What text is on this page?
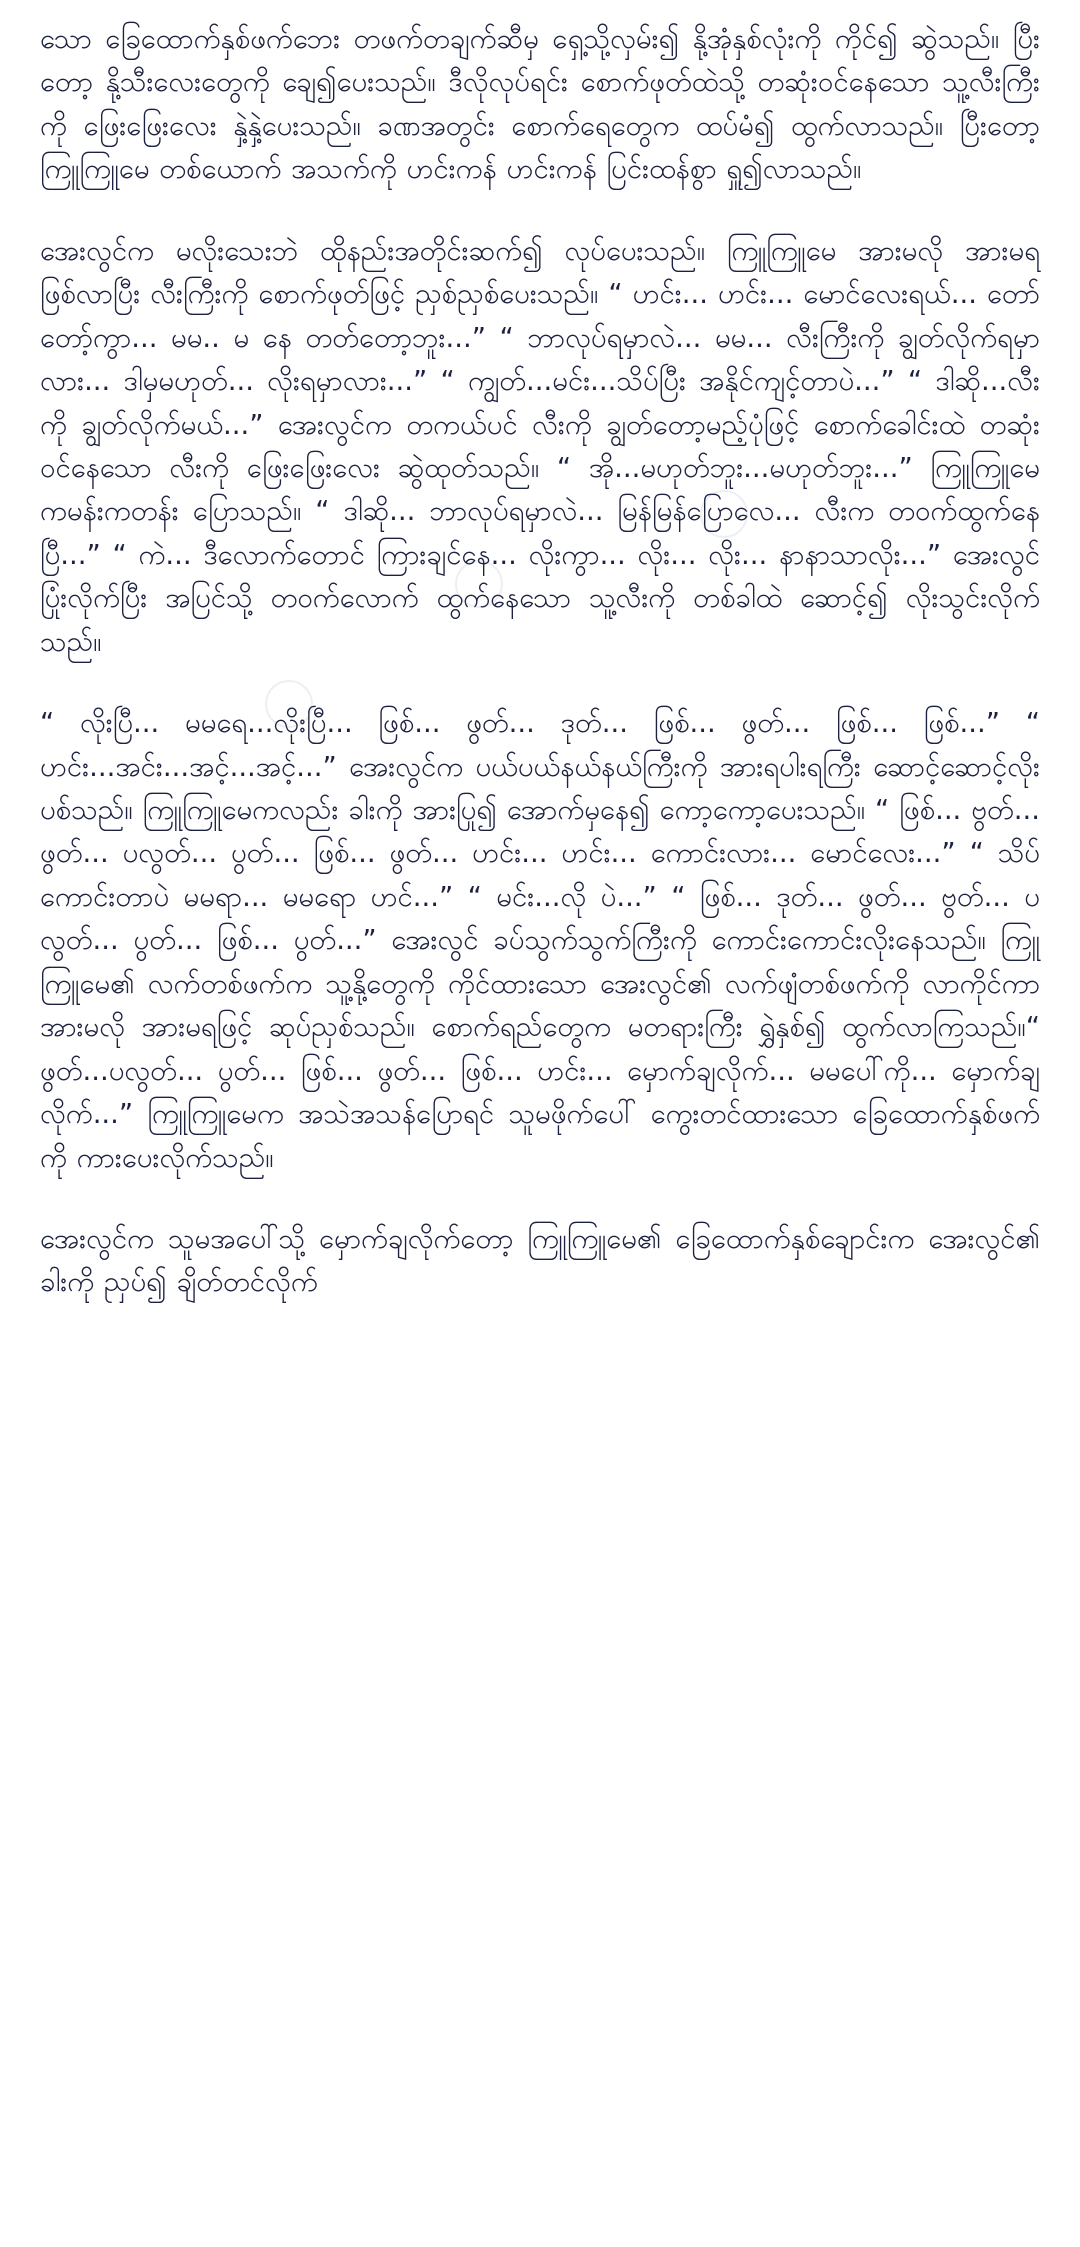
သော ခြေထောက်နှစ်ဖက်ဘေး တဖက်တချက်ဆီမှ ရှေ့သို့လှမ်း၍ နို့အုံနှစ်လုံးကို ကိုင်၍ ဆွဲသည်။ ပြီးတော့ နို့သီးလေးတွေကို ချေ၍ပေးသည်။ ဒီလိုလုပ်ရင်း စောက်ဖုတ်ထဲသို့ တဆုံးဝင်နေသော သူ့လီးကြီးကို ဖြေးဖြေးလေး နှဲ့နှဲ့ပေးသည်။ ခဏအတွင်း စောက်ရေတွေက ထပ်မံ၍ ထွက်လာသည်။ ပြီးတော့ ကြူကြူမေ တစ်ယောက် အသက်ကို ဟင်းကန် ဟင်းကန် ပြင်းထန်စွာ ရှူ၍လာသည်။

အေးလွင်က မလိုးသေးဘဲ ထိုနည်းအတိုင်းဆက်၍ လုပ်ပေးသည်။ ကြူကြူမေ အားမလို အားမရဖြစ်လာပြီး လီးကြီးကို စောက်ဖုတ်ဖြင့် ညှစ်ညှစ်ပေးသည်။ “ ဟင်း... ဟင်း... မောင်လေးရယ်... တော်တော့်ကွာ... မမ.. မ နေ တတ်တော့ဘူး...” “ ဘာလုပ်ရမှာလဲ... မမ... လီးကြီးကို ချွတ်လိုက်ရမှာလား... ဒါမှမဟုတ်... လိုးရမှာလား...” “ ကျွတ်...မင်း...သိပ်ပြီး အနိုင်ကျင့်တာပဲ...” “ ဒါဆို...လီးကို ချွတ်လိုက်မယ်...” အေးလွင်က တကယ်ပင် လီးကို ချွတ်တော့မည့်ပုံဖြင့် စောက်ခေါင်းထဲ တဆုံးဝင်နေသော လီးကို ဖြေးဖြေးလေး ဆွဲထုတ်သည်။ “ အို...မဟုတ်ဘူး...မဟုတ်ဘူး...” ကြူကြူမေ ကမန်းကတန်း ပြောသည်။ “ ဒါဆို... ဘာလုပ်ရမှာလဲ... မြန်မြန်ပြောလေ... လီးက တဝက်ထွက်နေပြီ...” “ ကဲ... ဒီလောက်တောင် ကြားချင်နေ... လိုးကွာ... လိုး... လိုး... နာနာသာလိုး...” အေးလွင် ပြုံးလိုက်ပြီး အပြင်သို့ တဝက်လောက် ထွက်နေသော သူ့လီးကို တစ်ခါထဲ ဆောင့်၍ လိုးသွင်းလိုက်သည်။

“ လိုးပြီ... မမရေ...လိုးပြီ... ဖြစ်... ဖွတ်... ဒုတ်... ဖြစ်... ဖွတ်... ဖြစ်... ဖြစ်...” “ ဟင်း...အင်း...အင့်...အင့်...” အေးလွင်က ပယ်ပယ်နယ်နယ်ကြီးကို အားရပါးရကြီး ဆောင့်ဆောင့်လိုးပစ်သည်။ ကြူကြူမေကလည်း ခါးကို အားပြု၍ အောက်မှနေ၍ ကော့ကော့ပေးသည်။ “ ဖြစ်... ဗွတ်... ဖွတ်... ပလွတ်... ပွတ်... ဖြစ်... ဖွတ်... ဟင်း... ဟင်း... ကောင်းလား... မောင်လေး...” “ သိပ်ကောင်းတာပဲ မမရာ... မမရော ဟင်...” “ မင်း...လို ပဲ...” “ ဖြစ်... ဒုတ်... ဖွတ်... ဗွတ်... ပလွတ်... ပွတ်... ဖြစ်... ပွတ်...” အေးလွင် ခပ်သွက်သွက်ကြီးကို ကောင်းကောင်းလိုးနေသည်။ ကြူကြူမေ၏ လက်တစ်ဖက်က သူ့နို့တွေကို ကိုင်ထားသော အေးလွင်၏ လက်ဖျံတစ်ဖက်ကို လာကိုင်ကာ အားမလို အားမရဖြင့် ဆုပ်ညှစ်သည်။ စောက်ရည်တွေက မတရားကြီး ရွှဲနှစ်၍ ထွက်လာကြသည်။“ ဖွတ်...ပလွတ်... ပွတ်... ဖြစ်... ဖွတ်... ဖြစ်... ဟင်း... မှောက်ချလိုက်... မမပေါ်ကို... မှောက်ချလိုက်...” ကြူကြူမေက အသဲအသန်ပြောရင် သူမဖိုက်ပေါ် ကွေးတင်ထားသော ခြေထောက်နှစ်ဖက်ကို ကားပေးလိုက်သည်။

အေးလွင်က သူမအပေါ်သို့ မှောက်ချလိုက်တော့ ကြူကြူမေ၏ ခြေထောက်နှစ်ချောင်းက အေးလွင်၏ ခါးကို ညှပ်၍ ချိတ်တင်လိုက်
